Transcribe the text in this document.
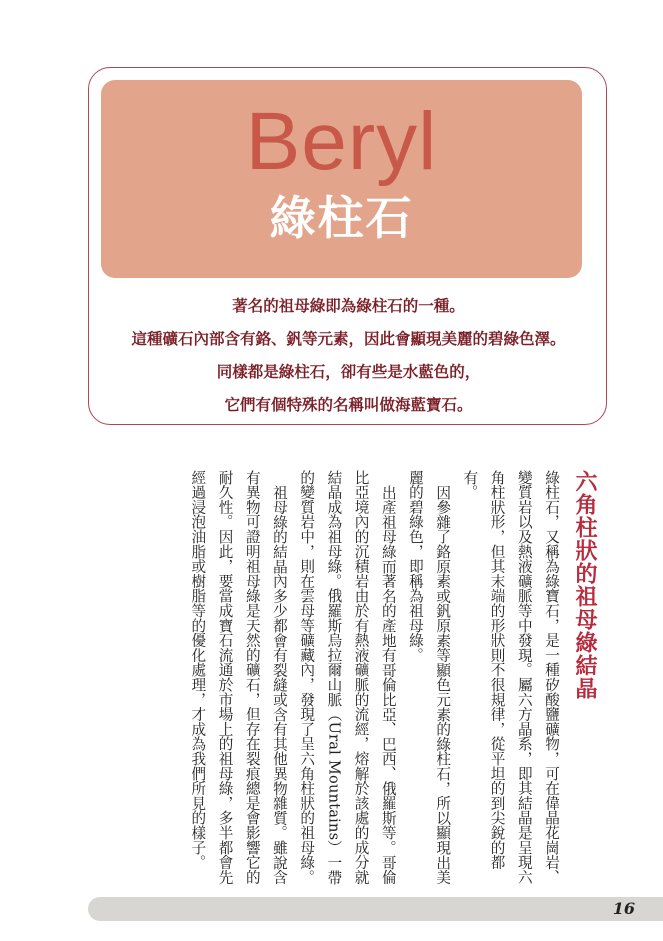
Beryl
綠柱石
著名的祖母綠即為綠柱石的一種。
這種礦石內部含有鉻、釩等元素，因此會顯現美麗的碧綠色澤。
同樣都是綠柱石，卻有些是水藍色的，
它們有個特殊的名稱叫做海藍寶石。
六角柱狀的祖母綠結晶

綠柱石，又稱為綠寶石，是一種矽酸鹽礦物，可在偉晶花崗岩、變質岩以及熱液礦脈等中發現。屬六方晶系，即其結晶是呈現六角柱狀形，但其末端的形狀則不很規律，從平坦的到尖銳的都有。

因參雜了鉻原素或釩原素等顯色元素的綠柱石，所以顯現出美麗的碧綠色，即稱為祖母綠。

出產祖母綠而著名的產地有哥倫比亞、巴西、俄羅斯等。哥倫比亞境內的沉積岩由於有熱液礦脈的流經，熔解於該處的成分就結晶成為祖母綠。俄羅斯烏拉爾山脈（Ural Mountains）一帶的變質岩中，則在雲母等礦藏內，發現了呈六角柱狀的祖母綠。

祖母綠的結晶內多少都會有裂縫或含有其他異物雜質。雖說含有異物可證明祖母綠是天然的礦石，但存在裂痕總是會影響它的耐久性。因此，要當成寶石流通於市場上的祖母綠，多半都會先經過浸泡油脂或樹脂等的優化處理，才成為我們所見的樣子。

16
